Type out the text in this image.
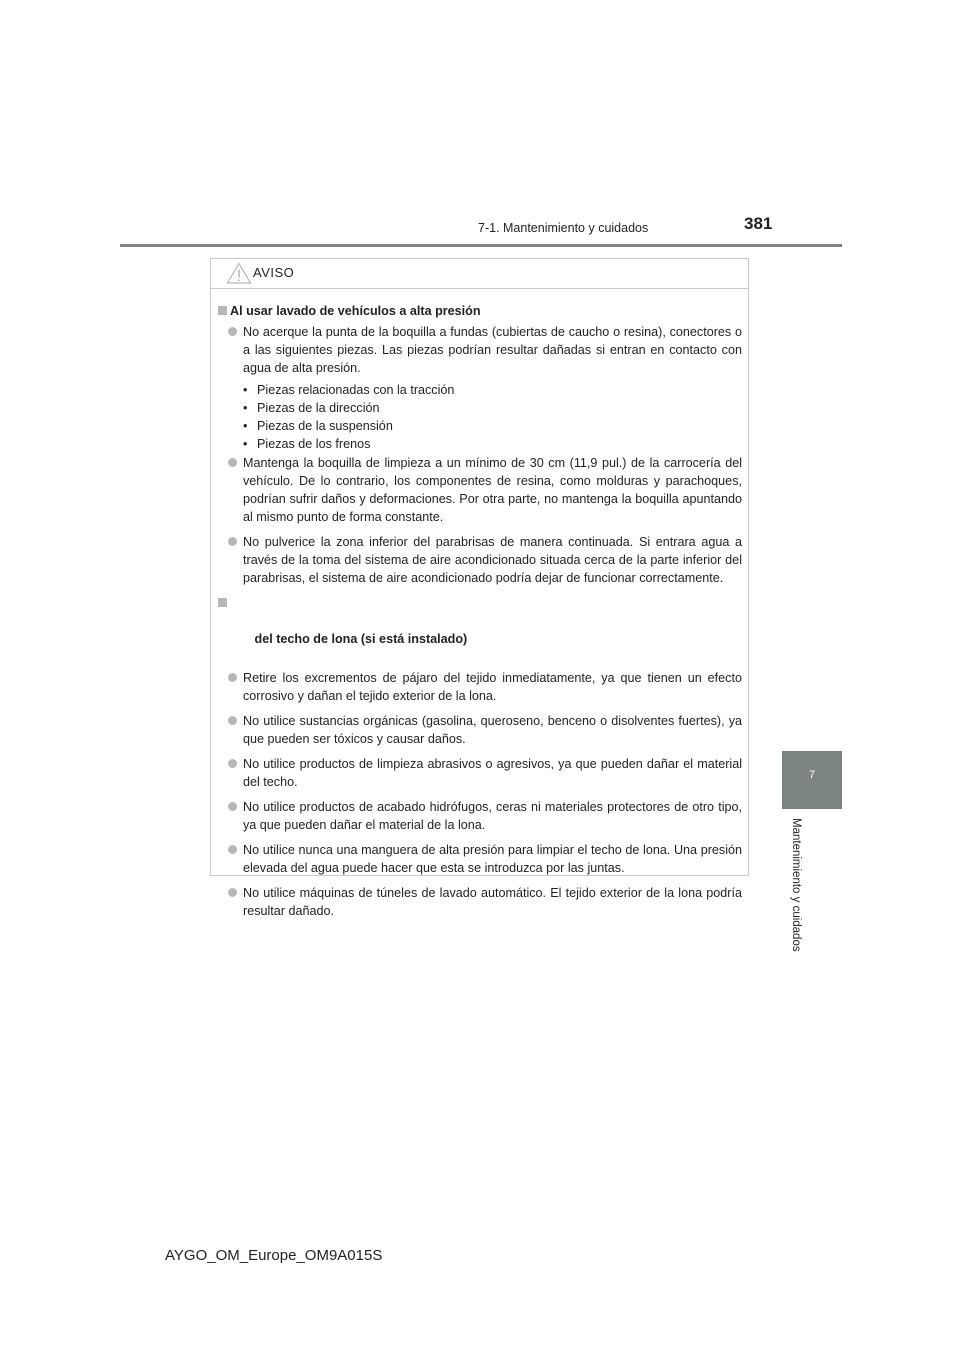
7-1. Mantenimiento y cuidados	381
7
Mantenimiento y cuidados
AVISO
Al usar lavado de vehículos a alta presión
No acerque la punta de la boquilla a fundas (cubiertas de caucho o resina), conectores o a las siguientes piezas. Las piezas podrían resultar dañadas si entran en contacto con agua de alta presión.
• Piezas relacionadas con la tracción
• Piezas de la dirección
• Piezas de la suspensión
• Piezas de los frenos
Mantenga la boquilla de limpieza a un mínimo de 30 cm (11,9 pul.) de la carrocería del vehículo. De lo contrario, los componentes de resina, como molduras y parachoques, podrían sufrir daños y deformaciones. Por otra parte, no mantenga la boquilla apuntando al mismo punto de forma constante.
No pulverice la zona inferior del parabrisas de manera continuada. Si entrara agua a través de la toma del sistema de aire acondicionado situada cerca de la parte inferior del parabrisas, el sistema de aire acondicionado podría dejar de funcionar correctamente.

del techo de lona (si está instalado)

Retire los excrementos de pájaro del tejido inmediatamente, ya que tienen un efecto corrosivo y dañan el tejido exterior de la lona.
No utilice sustancias orgánicas (gasolina, queroseno, benceno o disolventes fuertes), ya que pueden ser tóxicos y causar daños.
No utilice productos de limpieza abrasivos o agresivos, ya que pueden dañar el material del techo.
No utilice productos de acabado hidrófugos, ceras ni materiales protectores de otro tipo, ya que pueden dañar el material de la lona.
No utilice nunca una manguera de alta presión para limpiar el techo de lona. Una presión elevada del agua puede hacer que esta se introduzca por las juntas.
No utilice máquinas de túneles de lavado automático. El tejido exterior de la lona podría resultar dañado.
AYGO_OM_Europe_OM9A015S
